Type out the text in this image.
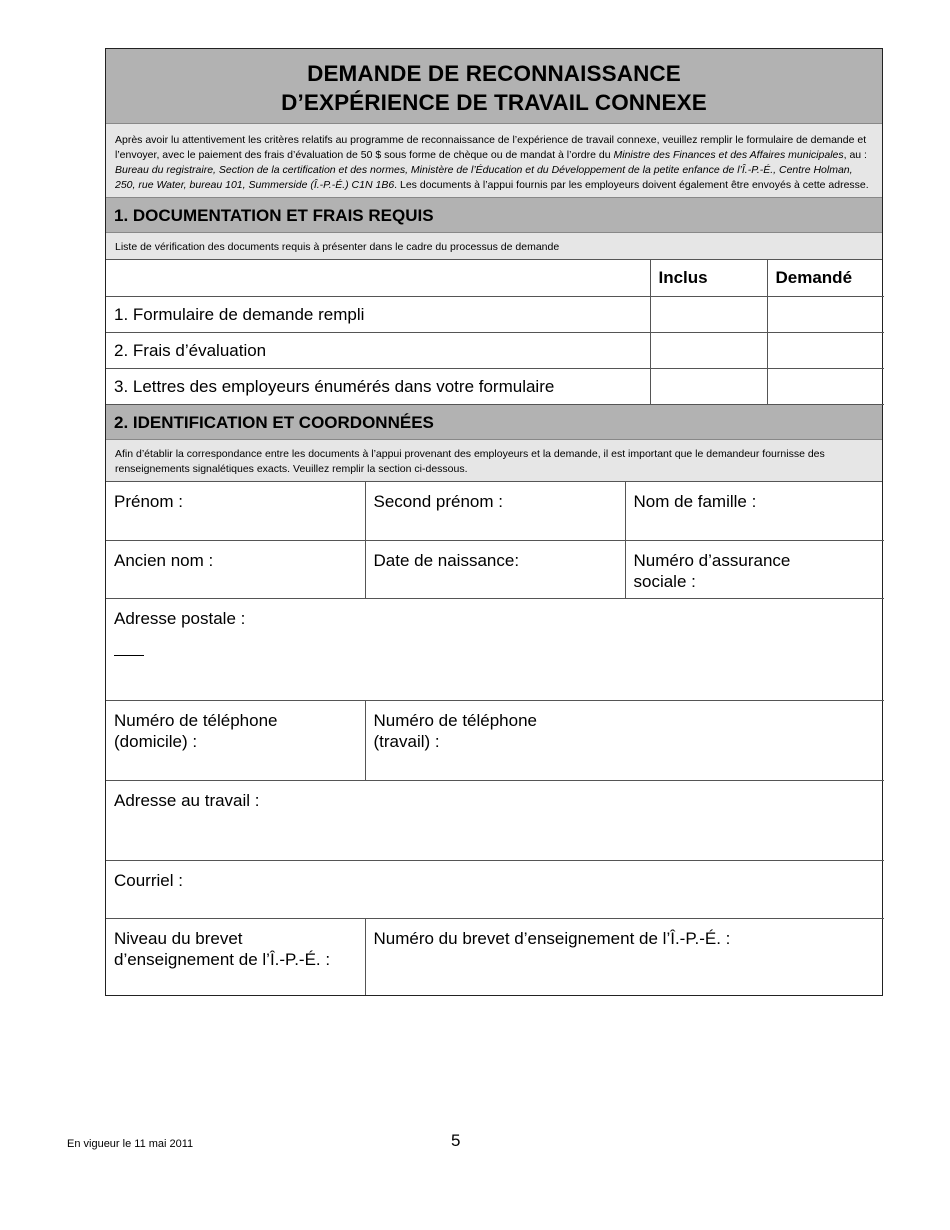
DEMANDE DE RECONNAISSANCE
D’EXPÉRIENCE DE TRAVAIL CONNEXE
Après avoir lu attentivement les critères relatifs au programme de reconnaissance de l’expérience de travail connexe, veuillez remplir le formulaire de demande et l’envoyer, avec le paiement des frais d’évaluation de 50 $ sous forme de chèque ou de mandat à l’ordre du Ministre des Finances et des Affaires municipales, au : Bureau du registraire, Section de la certification et des normes, Ministère de l’Éducation et du Développement de la petite enfance de l’Î.-P.-É., Centre Holman, 250, rue Water, bureau 101, Summerside (Î.-P.-É.) C1N 1B6. Les documents à l’appui fournis par les employeurs doivent également être envoyés à cette adresse.
1. DOCUMENTATION ET FRAIS REQUIS
Liste de vérification des documents requis à présenter dans le cadre du processus de demande
	Inclus	Demandé
1. Formulaire de demande rempli		
2. Frais d’évaluation		
3. Lettres des employeurs énumérés dans votre formulaire		
2. IDENTIFICATION ET COORDONNÉES
Afin d’établir la correspondance entre les documents à l’appui provenant des employeurs et la demande, il est important que le demandeur fournisse des renseignements signalétiques exacts. Veuillez remplir la section ci-dessous.
Prénom :	Second prénom :	Nom de famille :
Ancien nom :	Date de naissance:	Numéro d’assurance
sociale :
Adresse postale :		

Numéro de téléphone
(domicile) :	Numéro de téléphone
(travail) :	
Adresse au travail :		
Courriel :		
Niveau du brevet
d’enseignement de l’Î.-P.-É. :	Numéro du brevet d’enseignement de l’Î.-P.-É. :	
En vigueur le 11 mai 2011	5
